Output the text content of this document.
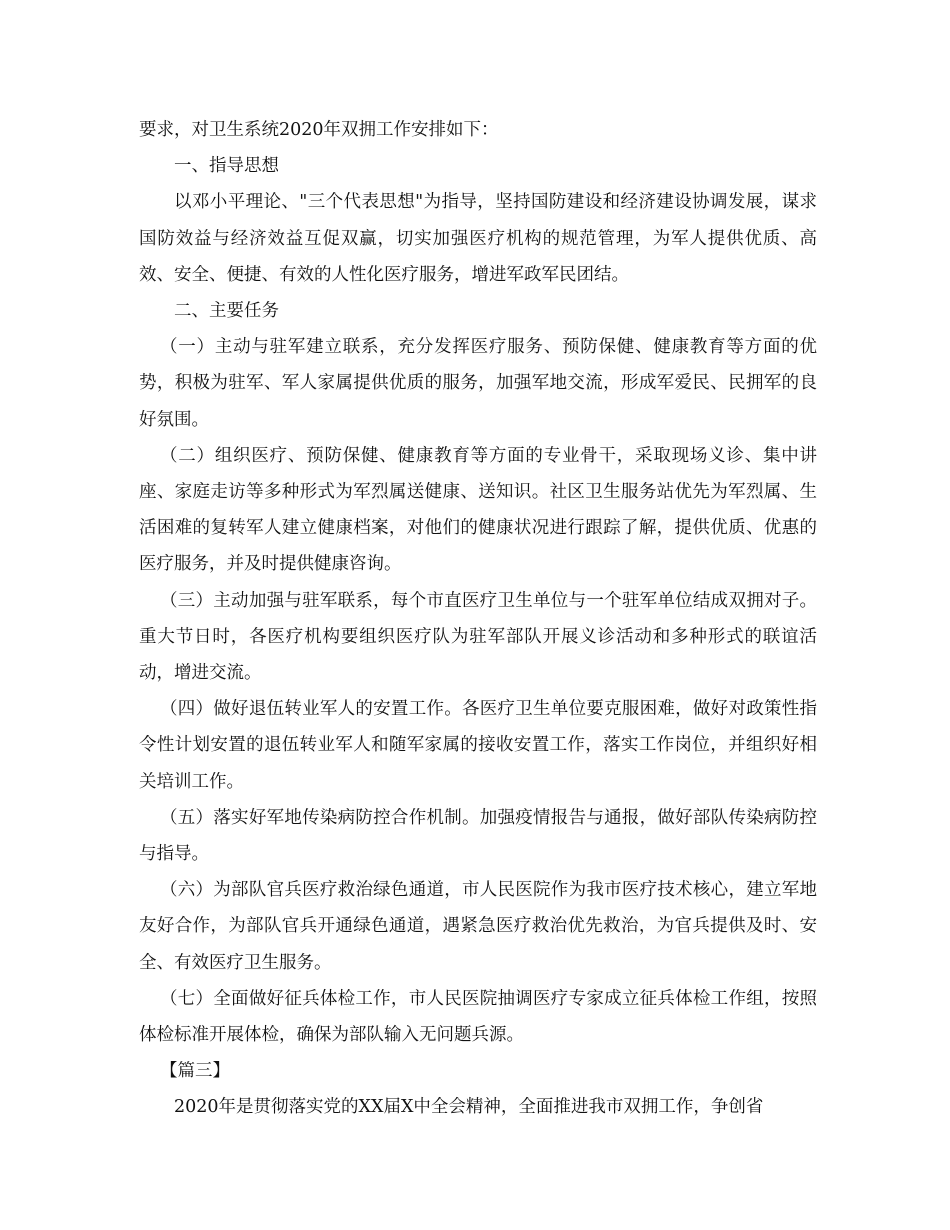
要求，对卫生系统2020年双拥工作安排如下：

一、指导思想

以邓小平理论、"三个代表思想"为指导，坚持国防建设和经济建设协调发展，谋求国防效益与经济效益互促双赢，切实加强医疗机构的规范管理，为军人提供优质、高效、安全、便捷、有效的人性化医疗服务，增进军政军民团结。

二、主要任务

（一）主动与驻军建立联系，充分发挥医疗服务、预防保健、健康教育等方面的优势，积极为驻军、军人家属提供优质的服务，加强军地交流，形成军爱民、民拥军的良好氛围。

（二）组织医疗、预防保健、健康教育等方面的专业骨干，采取现场义诊、集中讲座、家庭走访等多种形式为军烈属送健康、送知识。社区卫生服务站优先为军烈属、生活困难的复转军人建立健康档案，对他们的健康状况进行跟踪了解，提供优质、优惠的医疗服务，并及时提供健康咨询。

（三）主动加强与驻军联系，每个市直医疗卫生单位与一个驻军单位结成双拥对子。重大节日时，各医疗机构要组织医疗队为驻军部队开展义诊活动和多种形式的联谊活动，增进交流。

（四）做好退伍转业军人的安置工作。各医疗卫生单位要克服困难，做好对政策性指令性计划安置的退伍转业军人和随军家属的接收安置工作，落实工作岗位，并组织好相关培训工作。

（五）落实好军地传染病防控合作机制。加强疫情报告与通报，做好部队传染病防控与指导。

（六）为部队官兵医疗救治绿色通道，市人民医院作为我市医疗技术核心，建立军地友好合作，为部队官兵开通绿色通道，遇紧急医疗救治优先救治，为官兵提供及时、安全、有效医疗卫生服务。

（七）全面做好征兵体检工作，市人民医院抽调医疗专家成立征兵体检工作组，按照体检标准开展体检，确保为部队输入无问题兵源。

【篇三】

2020年是贯彻落实党的XX届X中全会精神，全面推进我市双拥工作，争创省
